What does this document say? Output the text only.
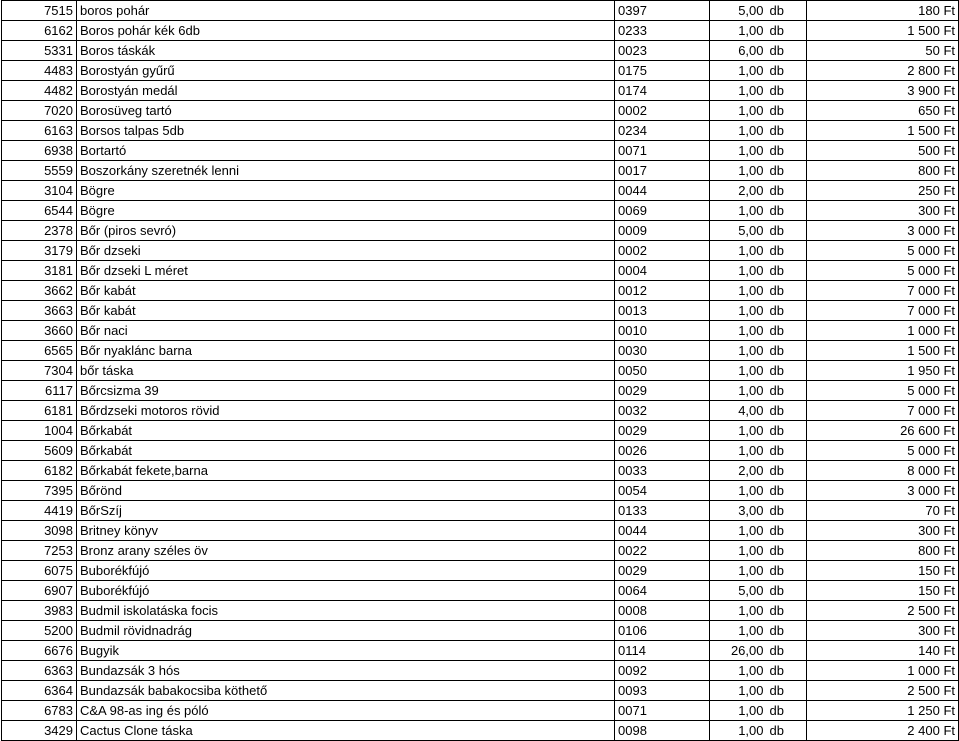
7515	boros pohár	0397	5,00	db	180 Ft
6162	Boros pohár kék 6db	0233	1,00	db	1 500 Ft
5331	Boros táskák	0023	6,00	db	50 Ft
4483	Borostyán gyűrű	0175	1,00	db	2 800 Ft
4482	Borostyán medál	0174	1,00	db	3 900 Ft
7020	Borosüveg tartó	0002	1,00	db	650 Ft
6163	Borsos talpas 5db	0234	1,00	db	1 500 Ft
6938	Bortartó	0071	1,00	db	500 Ft
5559	Boszorkány szeretnék lenni	0017	1,00	db	800 Ft
3104	Bögre	0044	2,00	db	250 Ft
6544	Bögre	0069	1,00	db	300 Ft
2378	Bőr (piros sevró)	0009	5,00	db	3 000 Ft
3179	Bőr dzseki	0002	1,00	db	5 000 Ft
3181	Bőr dzseki L méret	0004	1,00	db	5 000 Ft
3662	Bőr kabát	0012	1,00	db	7 000 Ft
3663	Bőr kabát	0013	1,00	db	7 000 Ft
3660	Bőr naci	0010	1,00	db	1 000 Ft
6565	Bőr nyaklánc barna	0030	1,00	db	1 500 Ft
7304	bőr táska	0050	1,00	db	1 950 Ft
6117	Bőrcsizma 39	0029	1,00	db	5 000 Ft
6181	Bőrdzseki motoros rövid	0032	4,00	db	7 000 Ft
1004	Bőrkabát	0029	1,00	db	26 600 Ft
5609	Bőrkabát	0026	1,00	db	5 000 Ft
6182	Bőrkabát fekete,barna	0033	2,00	db	8 000 Ft
7395	Bőrönd	0054	1,00	db	3 000 Ft
4419	BőrSzíj	0133	3,00	db	70 Ft
3098	Britney könyv	0044	1,00	db	300 Ft
7253	Bronz arany széles öv	0022	1,00	db	800 Ft
6075	Buborékfújó	0029	1,00	db	150 Ft
6907	Buborékfújó	0064	5,00	db	150 Ft
3983	Budmil iskolatáska focis	0008	1,00	db	2 500 Ft
5200	Budmil rövidnadrág	0106	1,00	db	300 Ft
6676	Bugyik	0114	26,00	db	140 Ft
6363	Bundazsák 3 hós	0092	1,00	db	1 000 Ft
6364	Bundazsák babakocsiba köthető	0093	1,00	db	2 500 Ft
6783	C&A 98-as ing és póló	0071	1,00	db	1 250 Ft
3429	Cactus Clone táska	0098	1,00	db	2 400 Ft
